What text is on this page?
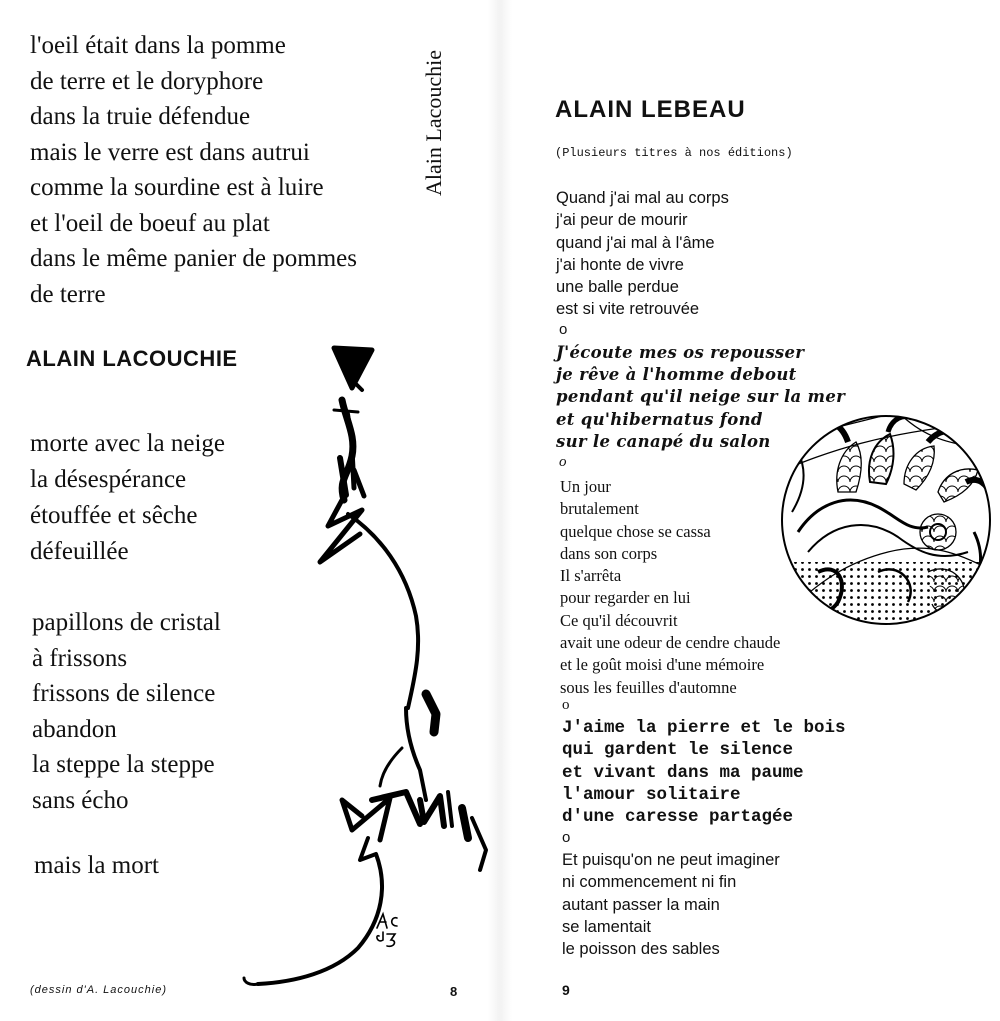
l'oeil était dans la pomme
de terre et le doryphore
dans la truie défendue
mais le verre est dans autrui
comme la sourdine est à luire
et l'oeil de boeuf au plat
dans le même panier de pommes
de terre
Alain Lacouchie
ALAIN LACOUCHIE
morte avec la neige
la désespérance
étouffée et sêche
défeuillée
papillons de cristal
à frissons
frissons de silence
abandon
la steppe la steppe
sans écho
mais la mort
(dessin d'A. Lacouchie)	8
ALAIN LEBEAU
(Plusieurs titres à nos éditions)
Quand j'ai mal au corps
j'ai peur de mourir
quand j'ai mal à l'âme
j'ai honte de vivre
une balle perdue
est si vite retrouvée
o
J'écoute mes os repousser
je rêve à l'homme debout
pendant qu'il neige sur la mer
et qu'hibernatus fond
sur le canapé du salon
o
Un jour
brutalement
quelque chose se cassa
dans son corps
Il s'arrêta
pour regarder en lui
Ce qu'il découvrit
avait une odeur de cendre chaude
et le goût moisi d'une mémoire
sous les feuilles d'automne
o
J'aime la pierre et le bois
qui gardent le silence
et vivant dans ma paume
l'amour solitaire
d'une caresse partagée
o
Et puisqu'on ne peut imaginer
ni commencement ni fin
autant passer la main
se lamentait
le poisson des sables
9
